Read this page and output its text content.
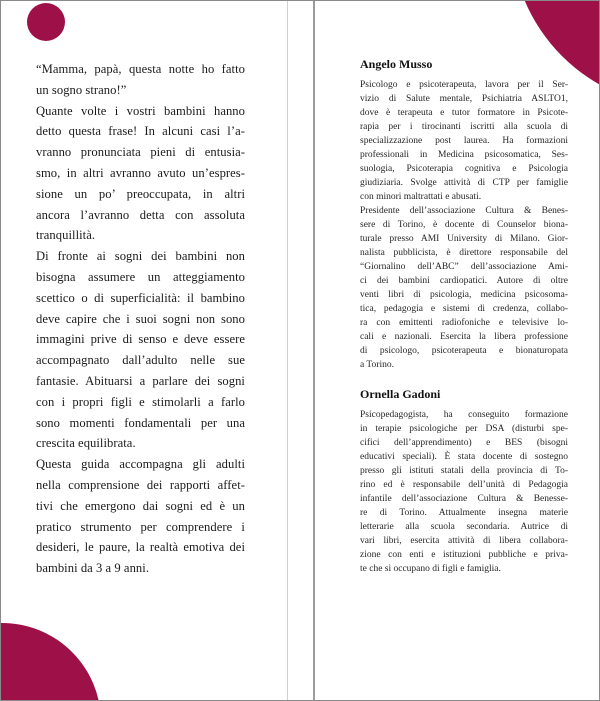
“Mamma, papà, questa notte ho fatto
un sogno strano!”
Quante volte i vostri bambini hanno
detto questa frase! In alcuni casi l’a-
vranno pronunciata pieni di entusia-
smo, in altri avranno avuto un’espres-
sione un po’ preoccupata, in altri
ancora l’avranno detta con assoluta
tranquillità.
Di fronte ai sogni dei bambini non
bisogna assumere un atteggiamento
scettico o di superficialità: il bambino
deve capire che i suoi sogni non sono
immagini prive di senso e deve essere
accompagnato dall’adulto nelle sue
fantasie. Abituarsi a parlare dei sogni
con i propri figli e stimolarli a farlo
sono momenti fondamentali per una
crescita equilibrata.
Questa guida accompagna gli adulti
nella comprensione dei rapporti affet-
tivi che emergono dai sogni ed è un
pratico strumento per comprendere i
desideri, le paure, la realtà emotiva dei
bambini da 3 a 9 anni.
Angelo Musso
Psicologo e psicoterapeuta, lavora per il Ser-
vizio di Salute mentale, Psichiatria ASLTO1,
dove è terapeuta e tutor formatore in Psicote-
rapia per i tirocinanti iscritti alla scuola di
specializzazione post laurea. Ha formazioni
professionali in Medicina psicosomatica, Ses-
suologia, Psicoterapia cognitiva e Psicologia
giudiziaria. Svolge attività di CTP per famiglie
con minori maltrattati e abusati.
Presidente dell’associazione Cultura & Benes-
sere di Torino, è docente di Counselor biona-
turale presso AMI University di Milano. Gior-
nalista pubblicista, è direttore responsabile del
“Giornalino dell’ABC” dell’associazione Ami-
ci dei bambini cardiopatici. Autore di oltre
venti libri di psicologia, medicina psicosoma-
tica, pedagogia e sistemi di credenza, collabo-
ra con emittenti radiofoniche e televisive lo-
cali e nazionali. Esercita la libera professione
di psicologo, psicoterapeuta e bionaturopata
a Torino.
Ornella Gadoni
Psicopedagogista, ha conseguito formazione
in terapie psicologiche per DSA (disturbi spe-
cifici dell’apprendimento) e BES (bisogni
educativi speciali). È stata docente di sostegno
presso gli istituti statali della provincia di To-
rino ed è responsabile dell’unità di Pedagogia
infantile dell’associazione Cultura & Benesse-
re di Torino. Attualmente insegna materie
letterarie alla scuola secondaria. Autrice di
vari libri, esercita attività di libera collabora-
zione con enti e istituzioni pubbliche e priva-
te che si occupano di figli e famiglia.
